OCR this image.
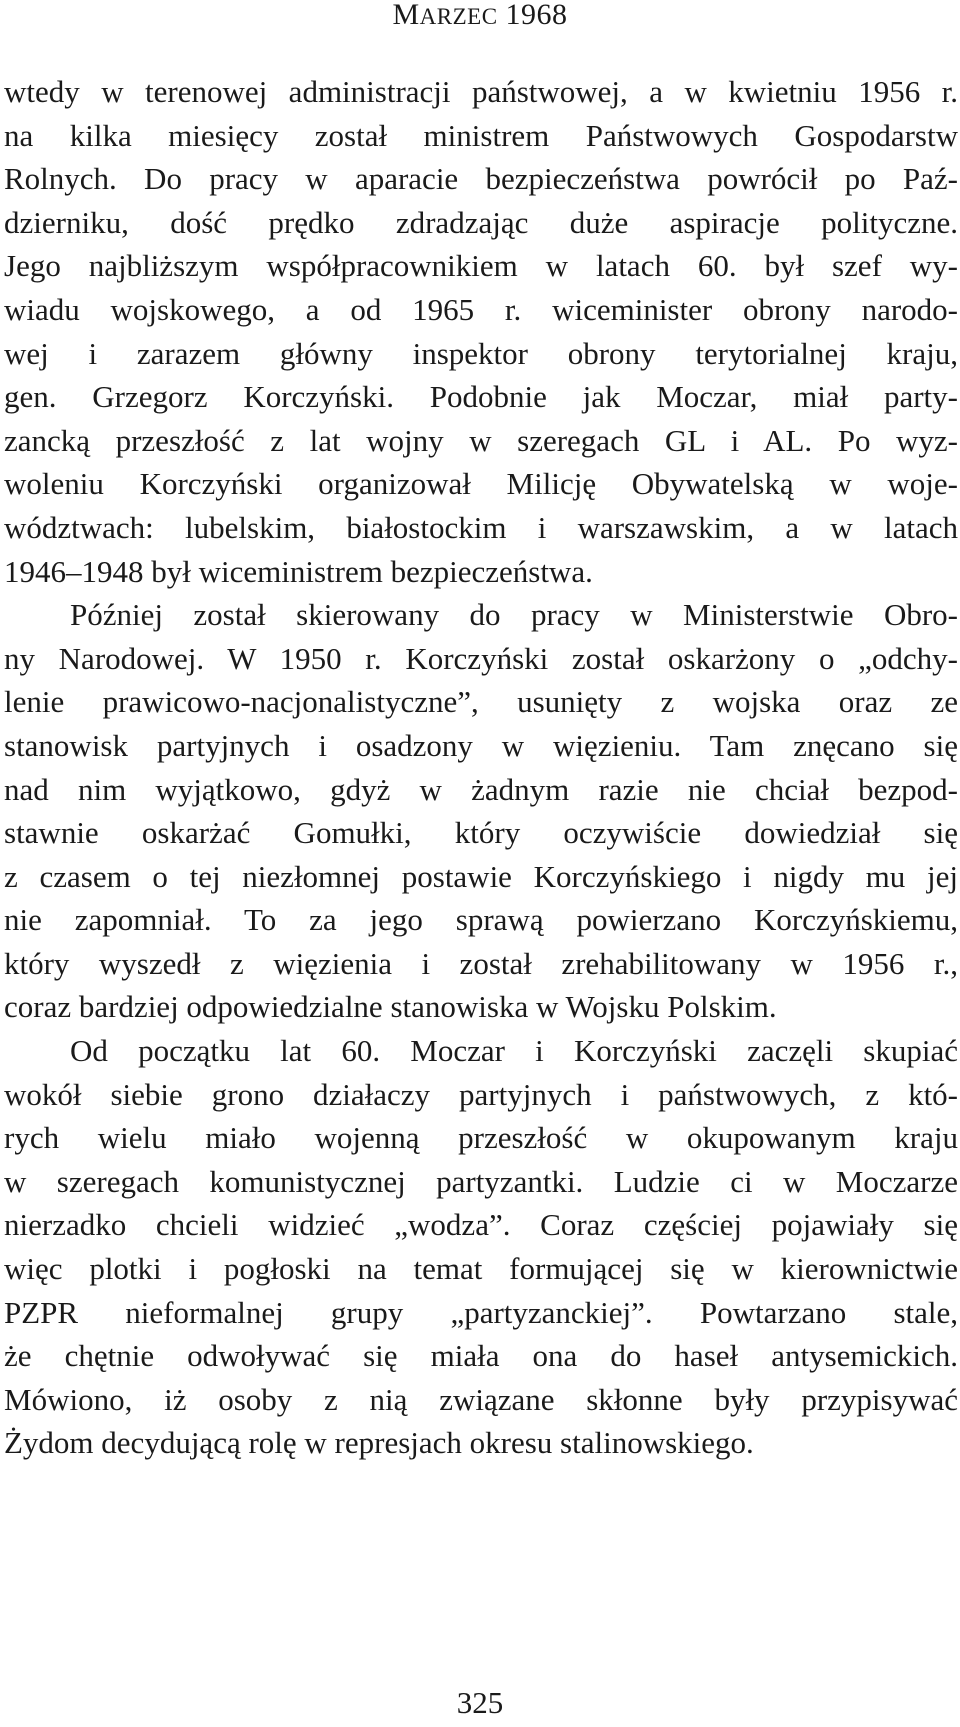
MARZEC 1968
wtedy w terenowej administracji państwowej, a w kwietniu 1956 r.
na kilka miesięcy został ministrem Państwowych Gospodarstw
Rolnych. Do pracy w aparacie bezpieczeństwa powrócił po Paź-
dzierniku, dość prędko zdradzając duże aspiracje polityczne.
Jego najbliższym współpracownikiem w latach 60. był szef wy-
wiadu wojskowego, a od 1965 r. wiceminister obrony narodo-
wej i zarazem główny inspektor obrony terytorialnej kraju,
gen. Grzegorz Korczyński. Podobnie jak Moczar, miał party-
zancką przeszłość z lat wojny w szeregach GL i AL. Po wyz-
woleniu Korczyński organizował Milicję Obywatelską w woje-
wództwach: lubelskim, białostockim i warszawskim, a w latach
1946–1948 był wiceministrem bezpieczeństwa.
Później został skierowany do pracy w Ministerstwie Obro-
ny Narodowej. W 1950 r. Korczyński został oskarżony o „odchy-
lenie prawicowo-nacjonalistyczne”, usunięty z wojska oraz ze
stanowisk partyjnych i osadzony w więzieniu. Tam znęcano się
nad nim wyjątkowo, gdyż w żadnym razie nie chciał bezpod-
stawnie oskarżać Gomułki, który oczywiście dowiedział się
z czasem o tej niezłomnej postawie Korczyńskiego i nigdy mu jej
nie zapomniał. To za jego sprawą powierzano Korczyńskiemu,
który wyszedł z więzienia i został zrehabilitowany w 1956 r.,
coraz bardziej odpowiedzialne stanowiska w Wojsku Polskim.
Od początku lat 60. Moczar i Korczyński zaczęli skupiać
wokół siebie grono działaczy partyjnych i państwowych, z któ-
rych wielu miało wojenną przeszłość w okupowanym kraju
w szeregach komunistycznej partyzantki. Ludzie ci w Moczarze
nierzadko chcieli widzieć „wodza”. Coraz częściej pojawiały się
więc plotki i pogłoski na temat formującej się w kierownictwie
PZPR nieformalnej grupy „partyzanckiej”. Powtarzano stale,
że chętnie odwoływać się miała ona do haseł antysemickich.
Mówiono, iż osoby z nią związane skłonne były przypisywać
Żydom decydującą rolę w represjach okresu stalinowskiego.
325
